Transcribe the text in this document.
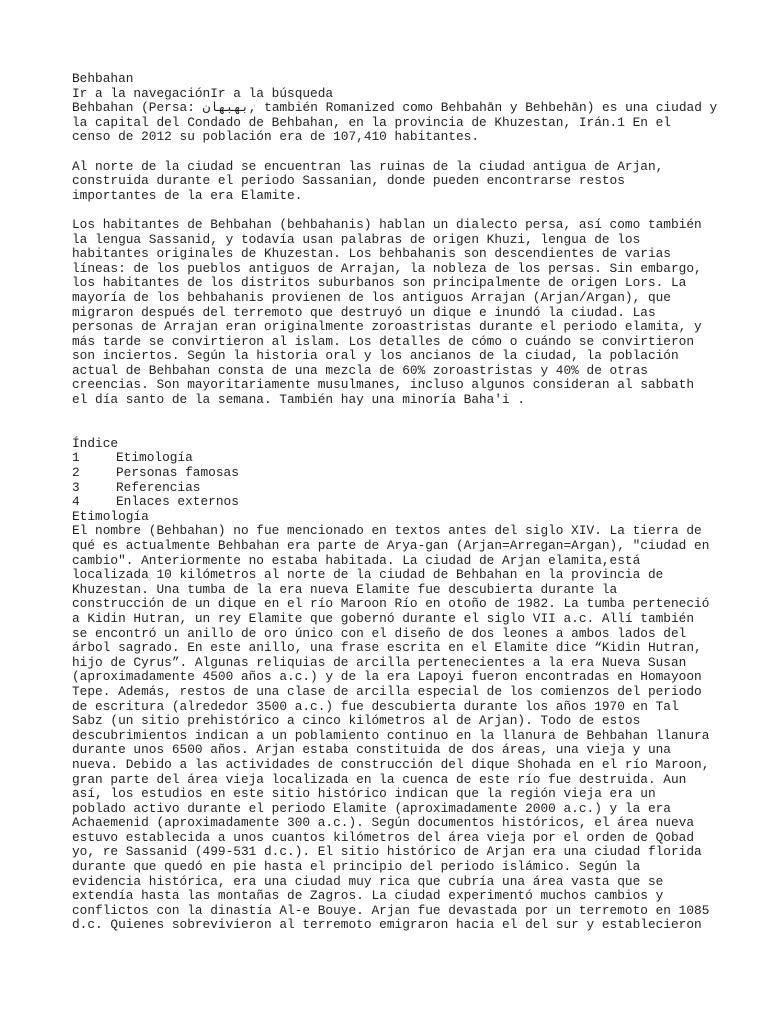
Behbahan
Ir a la navegaciónIr a la búsqueda
Behbahan (Persa: بهبهان, también Romanized como Behbahān y Behbehān) es una ciudad y
la capital del Condado de Behbahan, en la provincia de Khuzestan, Irán.1 En el
censo de 2012 su población era de 107,410 habitantes.
Al norte de la ciudad se encuentran las ruinas de la ciudad antigua de Arjan,
construida durante el periodo Sassanian, donde pueden encontrarse restos
importantes de la era Elamite.
Los habitantes de Behbahan (behbahanis) hablan un dialecto persa, así como también
la lengua Sassanid, y todavía usan palabras de origen Khuzi, lengua de los
habitantes originales de Khuzestan. Los behbahanis son descendientes de varias
líneas: de los pueblos antiguos de Arrajan, la nobleza de los persas. Sin embargo,
los habitantes de los distritos suburbanos son principalmente de origen Lors. La
mayoría de los behbahanis provienen de los antiguos Arrajan (Arjan/Argan), que
migraron después del terremoto que destruyó un dique e inundó la ciudad. Las
personas de Arrajan eran originalmente zoroastristas durante el periodo elamita, y
más tarde se convirtieron al islam. Los detalles de cómo o cuándo se convirtieron
son inciertos. Según la historia oral y los ancianos de la ciudad, la población
actual de Behbahan consta de una mezcla de 60% zoroastristas y 40% de otras
creencias. Son mayoritariamente musulmanes, incluso algunos consideran al sabbath
el día santo de la semana. También hay una minoría Baha'i .
Índice
1	Etimología
2	Personas famosas
3	Referencias
4	Enlaces externos
Etimología
El nombre (Behbahan) no fue mencionado en textos antes del siglo XIV. La tierra de
qué es actualmente Behbahan era parte de Arya-gan (Arjan=Arregan=Argan), "ciudad en
cambio". Anteriormente no estaba habitada. La ciudad de Arjan elamita,está
localizada 10 kilómetros al norte de la ciudad de Behbahan en la provincia de
Khuzestan. Una tumba de la era nueva Elamite fue descubierta durante la
construcción de un dique en el río Maroon Río en otoño de 1982. La tumba perteneció
a Kidin Hutran, un rey Elamite que gobernó durante el siglo VII a.c. Allí también
se encontró un anillo de oro único con el diseño de dos leones a ambos lados del
árbol sagrado. En este anillo, una frase escrita en el Elamite dice “Kidin Hutran,
hijo de Cyrus”. Algunas reliquias de arcilla pertenecientes a la era Nueva Susan
(aproximadamente 4500 años a.c.) y de la era Lapoyi fueron encontradas en Homayoon
Tepe. Además, restos de una clase de arcilla especial de los comienzos del periodo
de escritura (alrededor 3500 a.c.) fue descubierta durante los años 1970 en Tal
Sabz (un sitio prehistórico a cinco kilómetros al de Arjan). Todo de estos
descubrimientos indican a un poblamiento continuo en la llanura de Behbahan llanura
durante unos 6500 años. Arjan estaba constituida de dos áreas, una vieja y una
nueva. Debido a las actividades de construcción del dique Shohada en el río Maroon,
gran parte del área vieja localizada en la cuenca de este río fue destruida. Aun
así, los estudios en este sitio histórico indican que la región vieja era un
poblado activo durante el periodo Elamite (aproximadamente 2000 a.c.) y la era
Achaemenid (aproximadamente 300 a.c.). Según documentos históricos, el área nueva
estuvo establecida a unos cuantos kilómetros del área vieja por el orden de Qobad
yo, re Sassanid (499-531 d.c.). El sitio histórico de Arjan era una ciudad florida
durante que quedó en pie hasta el principio del periodo islámico. Según la
evidencia histórica, era una ciudad muy rica que cubría una área vasta que se
extendía hasta las montañas de Zagros. La ciudad experimentó muchos cambios y
conflictos con la dinastía Al-e Bouye. Arjan fue devastada por un terremoto en 1085
d.c. Quienes sobrevivieron al terremoto emigraron hacia el del sur y establecieron
